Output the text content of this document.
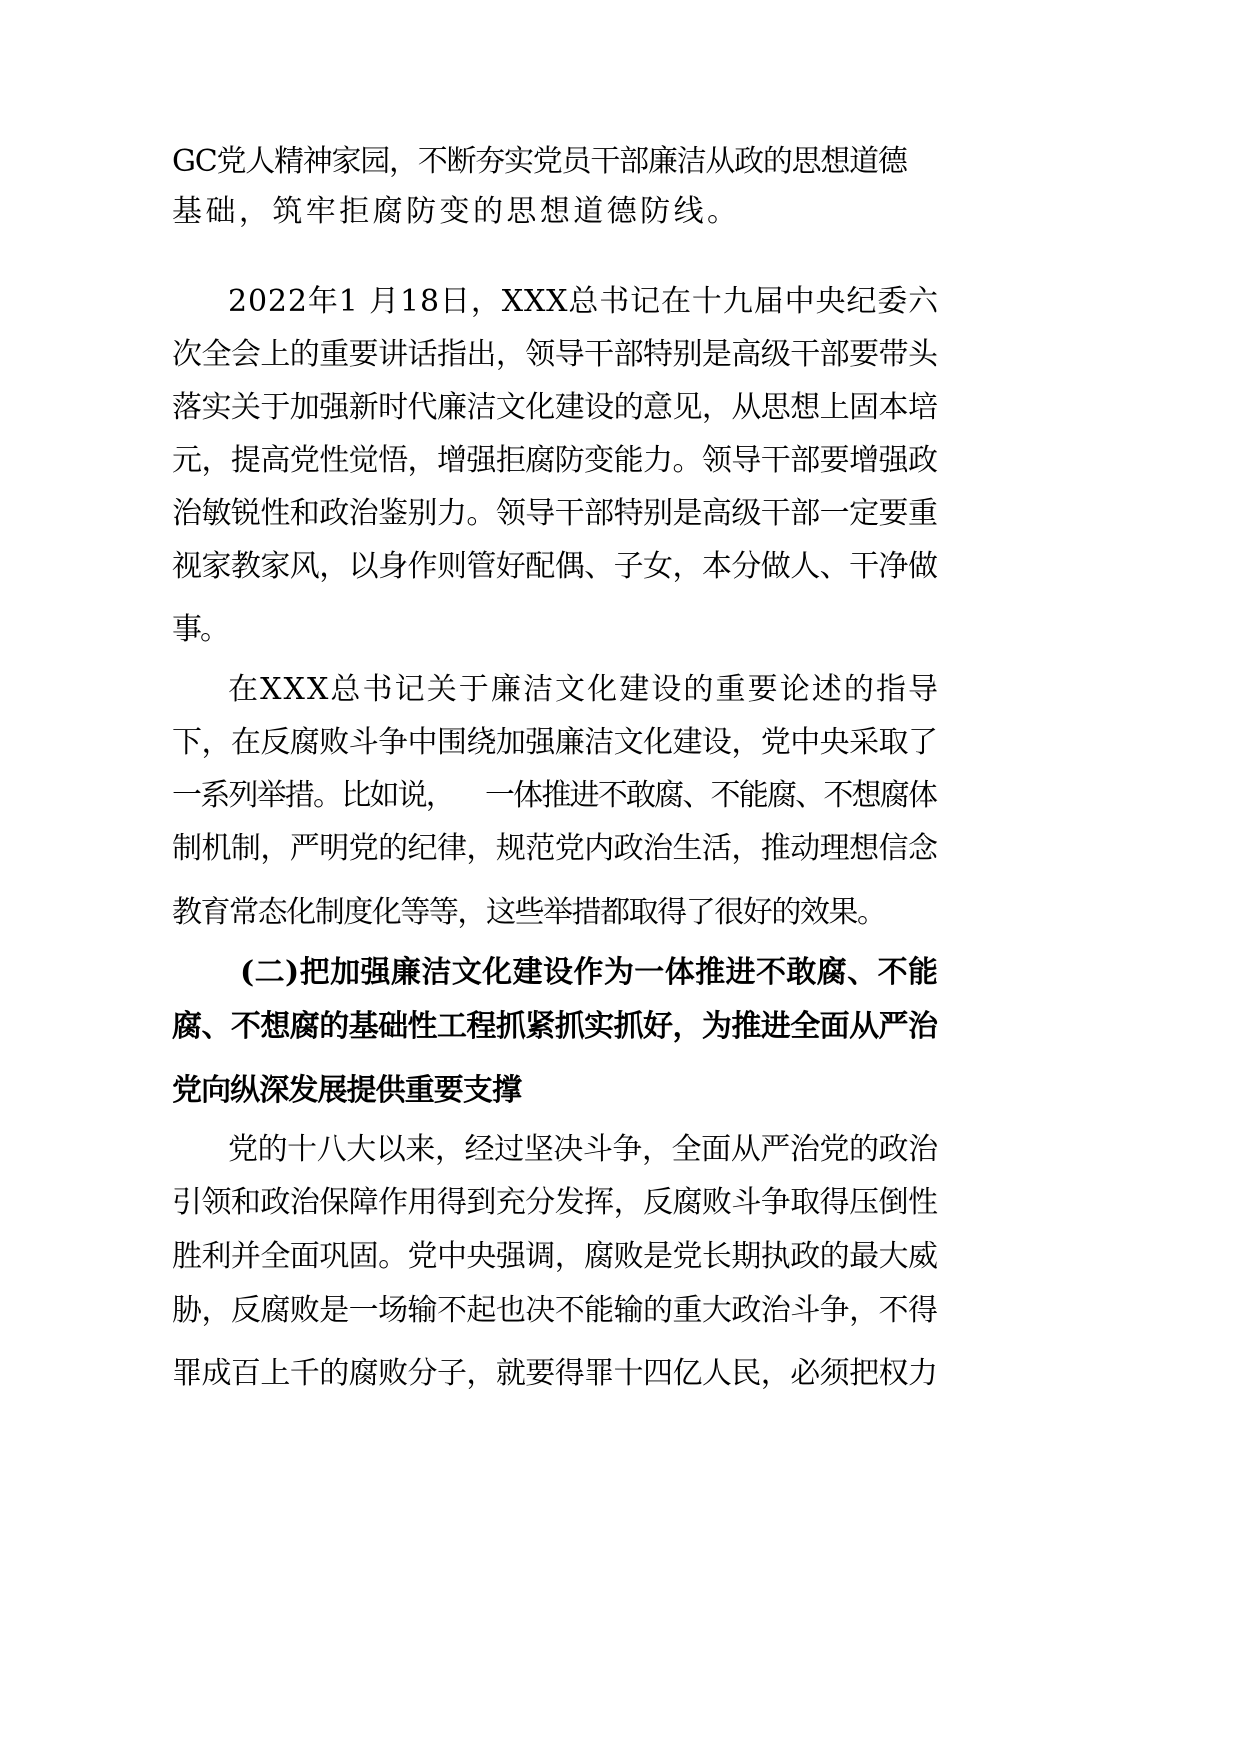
GC党人精神家园，不断夯实党员干部廉洁从政的思想道德
基础，筑牢拒腐防变的思想道德防线。
2022年1 月18日，XXX总书记在十九届中央纪委六
次全会上的重要讲话指出，领导干部特别是高级干部要带头
落实关于加强新时代廉洁文化建设的意见，从思想上固本培
元，提高党性觉悟，增强拒腐防变能力。领导干部要增强政
治敏锐性和政治鉴别力。领导干部特别是高级干部一定要重
视家教家风，以身作则管好配偶、子女，本分做人、干净做
事。
在XXX总书记关于廉洁文化建设的重要论述的指导
下，在反腐败斗争中围绕加强廉洁文化建设，党中央采取了
一系列举措。比如说，    一体推进不敢腐、不能腐、不想腐体
制机制，严明党的纪律，规范党内政治生活，推动理想信念
教育常态化制度化等等，这些举措都取得了很好的效果。
(二)把加强廉洁文化建设作为一体推进不敢腐、不能
腐、不想腐的基础性工程抓紧抓实抓好，为推进全面从严治
党向纵深发展提供重要支撑
党的十八大以来，经过坚决斗争，全面从严治党的政治
引领和政治保障作用得到充分发挥，反腐败斗争取得压倒性
胜利并全面巩固。党中央强调，腐败是党长期执政的最大威
胁，反腐败是一场输不起也决不能输的重大政治斗争，不得
罪成百上千的腐败分子，就要得罪十四亿人民，必须把权力
